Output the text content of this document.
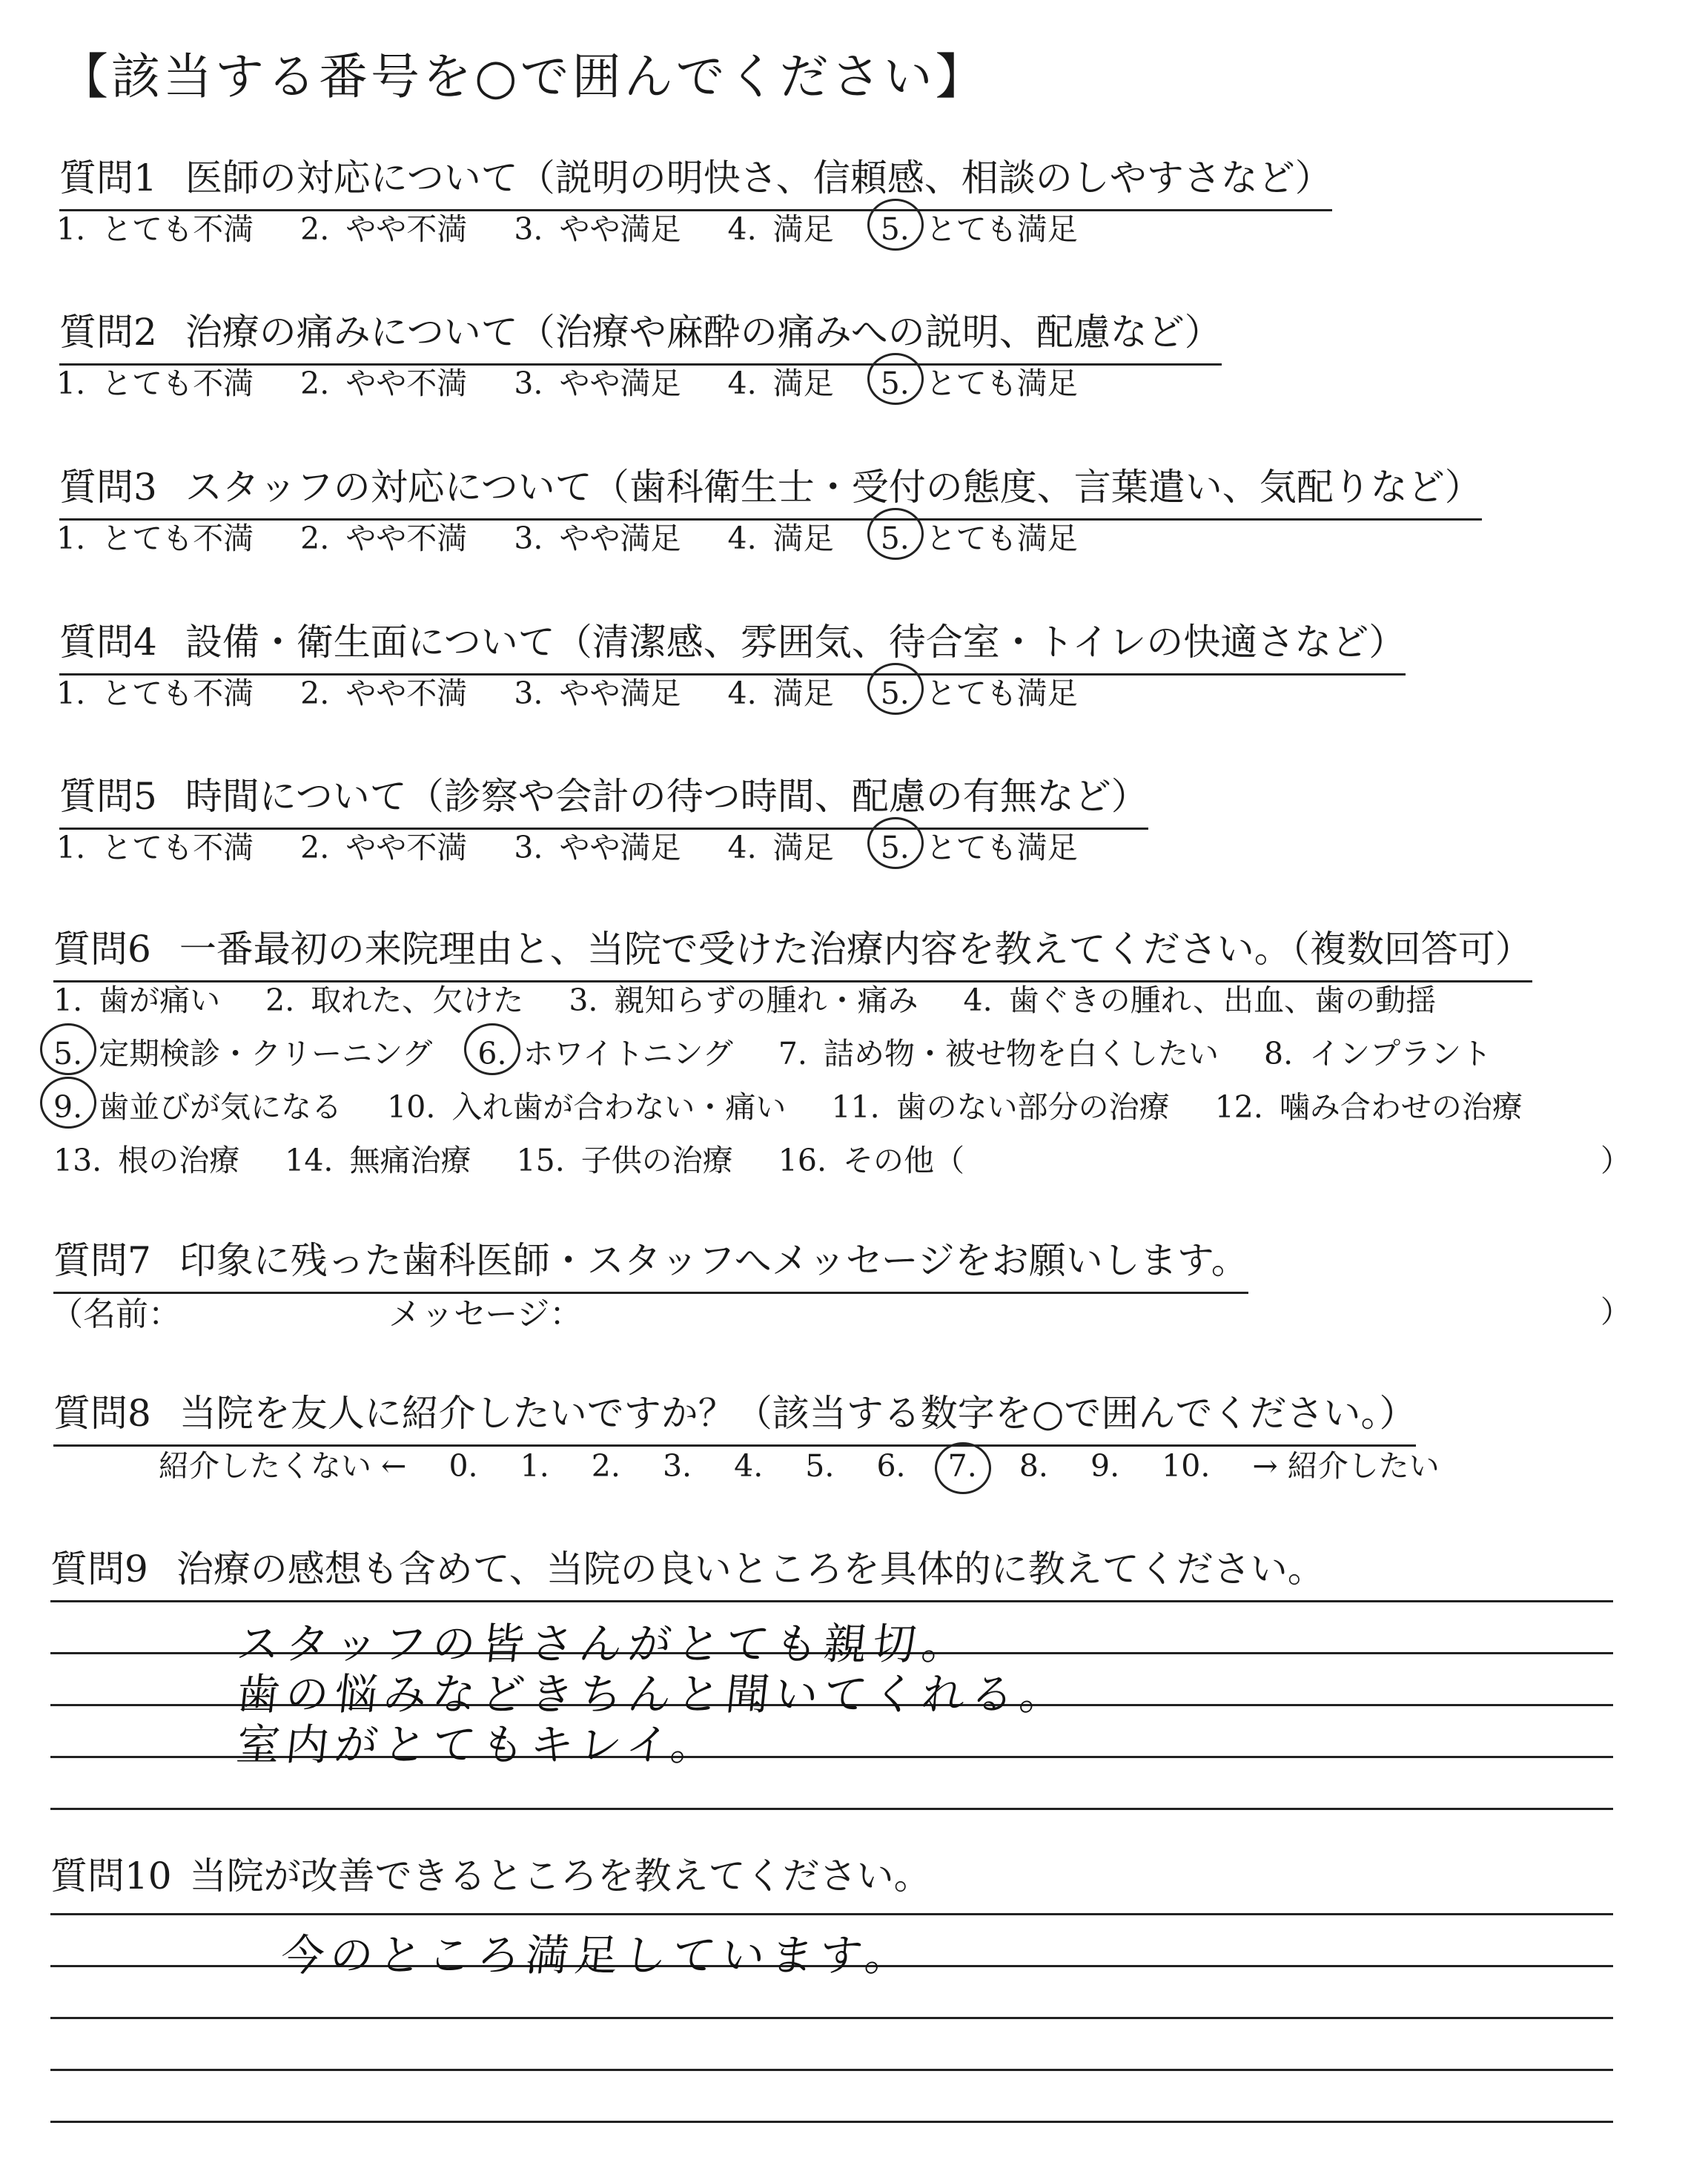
【該当する番号を○で囲んでください】
質問1 医師の対応について（説明の明快さ、信頼感、相談のしやすさなど）
1. とても不満 2. やや不満 3. やや満足 4. 満足 5. とても満足
質問2 治療の痛みについて（治療や麻酔の痛みへの説明、配慮など）
1. とても不満 2. やや不満 3. やや満足 4. 満足 5. とても満足
質問3 スタッフの対応について（歯科衛生士・受付の態度、言葉遣い、気配りなど）
1. とても不満 2. やや不満 3. やや満足 4. 満足 5. とても満足
質問4 設備・衛生面について（清潔感、雰囲気、待合室・トイレの快適さなど）
1. とても不満 2. やや不満 3. やや満足 4. 満足 5. とても満足
質問5 時間について（診察や会計の待つ時間、配慮の有無など）
1. とても不満 2. やや不満 3. やや満足 4. 満足 5. とても満足
質問6 一番最初の来院理由と、当院で受けた治療内容を教えてください。（複数回答可）
1. 歯が痛い 2. 取れた、欠けた 3. 親知らずの腫れ・痛み 4. 歯ぐきの腫れ、出血、歯の動揺
5. 定期検診・クリーニング 6. ホワイトニング 7. 詰め物・被せ物を白くしたい 8. インプラント
9. 歯並びが気になる 10. 入れ歯が合わない・痛い 11. 歯のない部分の治療 12. 噛み合わせの治療
13. 根の治療 14. 無痛治療 15. 子供の治療 16. その他（	）
質問7 印象に残った歯科医師・スタッフへメッセージをお願いします。
（名前：	メッセージ：	）
質問8 当院を友人に紹介したいですか？（該当する数字を○で囲んでください。）
紹介したくない ← 0. 1. 2. 3. 4. 5. 6. 7. 8. 9. 10. → 紹介したい
質問9 治療の感想も含めて、当院の良いところを具体的に教えてください。
スタッフの皆さんがとても親切。
歯の悩みなどきちんと聞いてくれる。
室内がとてもキレイ。
質問10 当院が改善できるところを教えてください。
今のところ満足しています。
